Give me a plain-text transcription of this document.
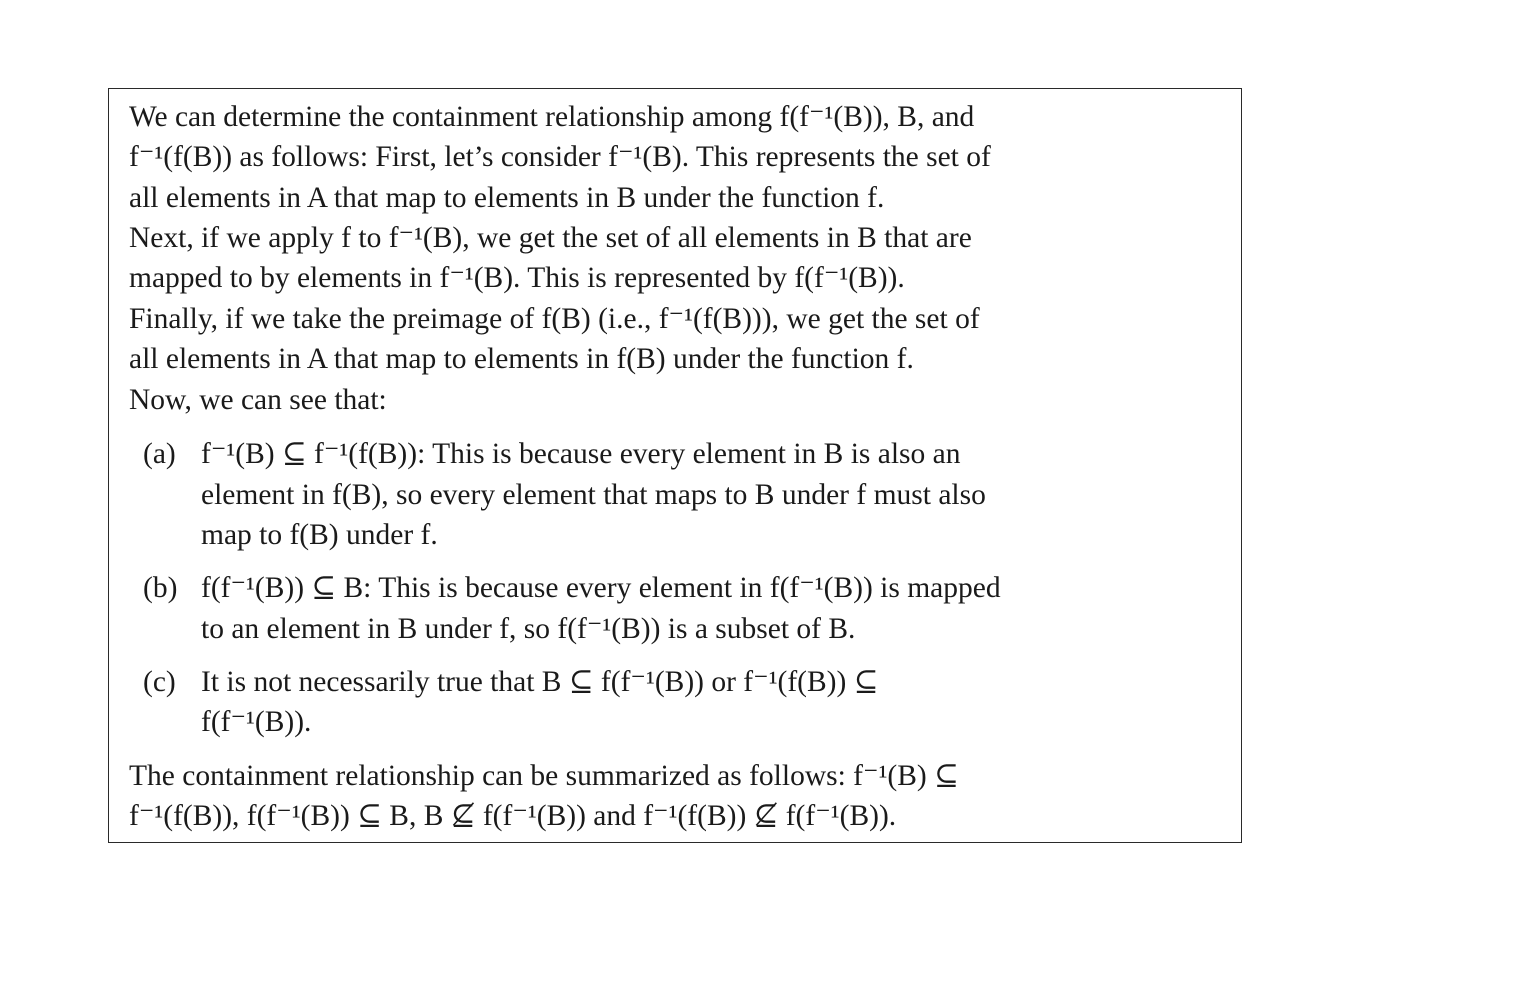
We can determine the containment relationship among f(f⁻¹(B)), B, and
f⁻¹(f(B)) as follows: First, let’s consider f⁻¹(B). This represents the set of
all elements in A that map to elements in B under the function f.
Next, if we apply f to f⁻¹(B), we get the set of all elements in B that are
mapped to by elements in f⁻¹(B). This is represented by f(f⁻¹(B)).
Finally, if we take the preimage of f(B) (i.e., f⁻¹(f(B))), we get the set of
all elements in A that map to elements in f(B) under the function f.
Now, we can see that:
(a) f⁻¹(B) ⊆ f⁻¹(f(B)): This is because every element in B is also an
element in f(B), so every element that maps to B under f must also
map to f(B) under f.
(b) f(f⁻¹(B)) ⊆ B: This is because every element in f(f⁻¹(B)) is mapped
to an element in B under f, so f(f⁻¹(B)) is a subset of B.
(c) It is not necessarily true that B ⊆ f(f⁻¹(B)) or f⁻¹(f(B)) ⊆
f(f⁻¹(B)).
The containment relationship can be summarized as follows: f⁻¹(B) ⊆
f⁻¹(f(B)), f(f⁻¹(B)) ⊆ B, B ⊈ f(f⁻¹(B)) and f⁻¹(f(B)) ⊈ f(f⁻¹(B)).
